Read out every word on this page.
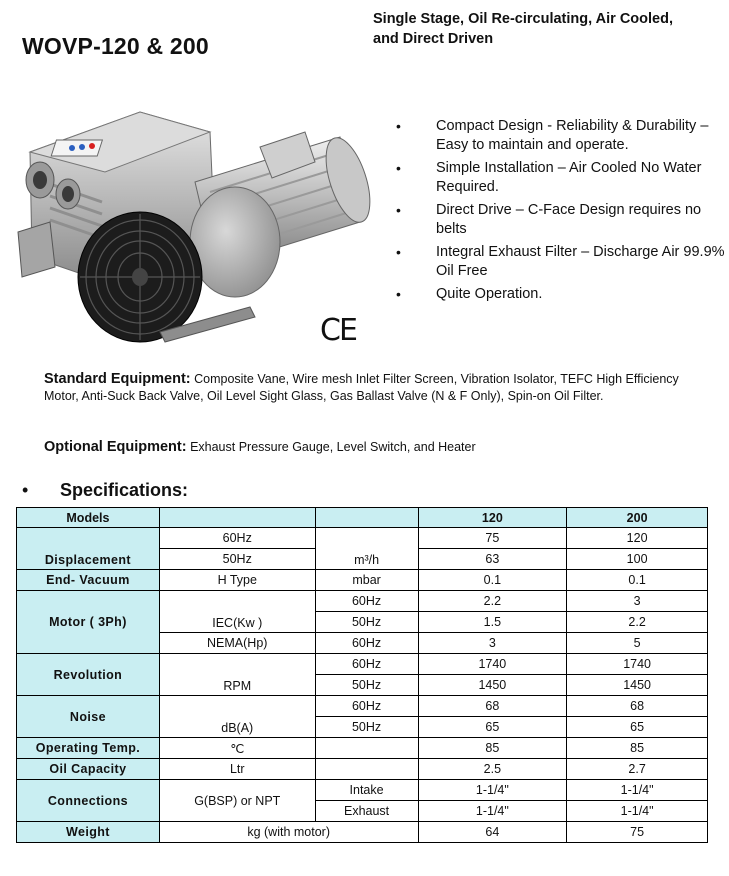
WOVP-120 & 200
Single Stage, Oil Re-circulating, Air Cooled, and Direct Driven
CE
• Compact Design - Reliability & Durability – Easy to maintain and operate.
• Simple Installation – Air Cooled No Water Required.
• Direct Drive – C-Face Design requires no belts
• Integral Exhaust Filter – Discharge Air 99.9% Oil Free
• Quite Operation.
Standard Equipment: Composite Vane, Wire mesh Inlet Filter Screen, Vibration Isolator, TEFC High Efficiency Motor, Anti-Suck Back Valve, Oil Level Sight Glass, Gas Ballast Valve (N & F Only), Spin-on Oil Filter.
Optional Equipment: Exhaust Pressure Gauge, Level Switch, and Heater
• Specifications:
Models			120	200
Displacement	60Hz	m³/h	75	120
	50Hz		63	100
End- Vacuum	H Type	mbar	0.1	0.1
Motor ( 3Ph)	IEC(Kw )	60Hz	2.2	3
		50Hz	1.5	2.2
	NEMA(Hp)	60Hz	3	5
Revolution	RPM	60Hz	1740	1740
		50Hz	1450	1450
Noise	dB(A)	60Hz	68	68
		50Hz	65	65
Operating Temp.	℃		85	85
Oil Capacity	Ltr		2.5	2.7
Connections	G(BSP) or NPT	Intake	1-1/4"	1-1/4"
		Exhaust	1-1/4"	1-1/4"
Weight	kg (with motor)		64	75
